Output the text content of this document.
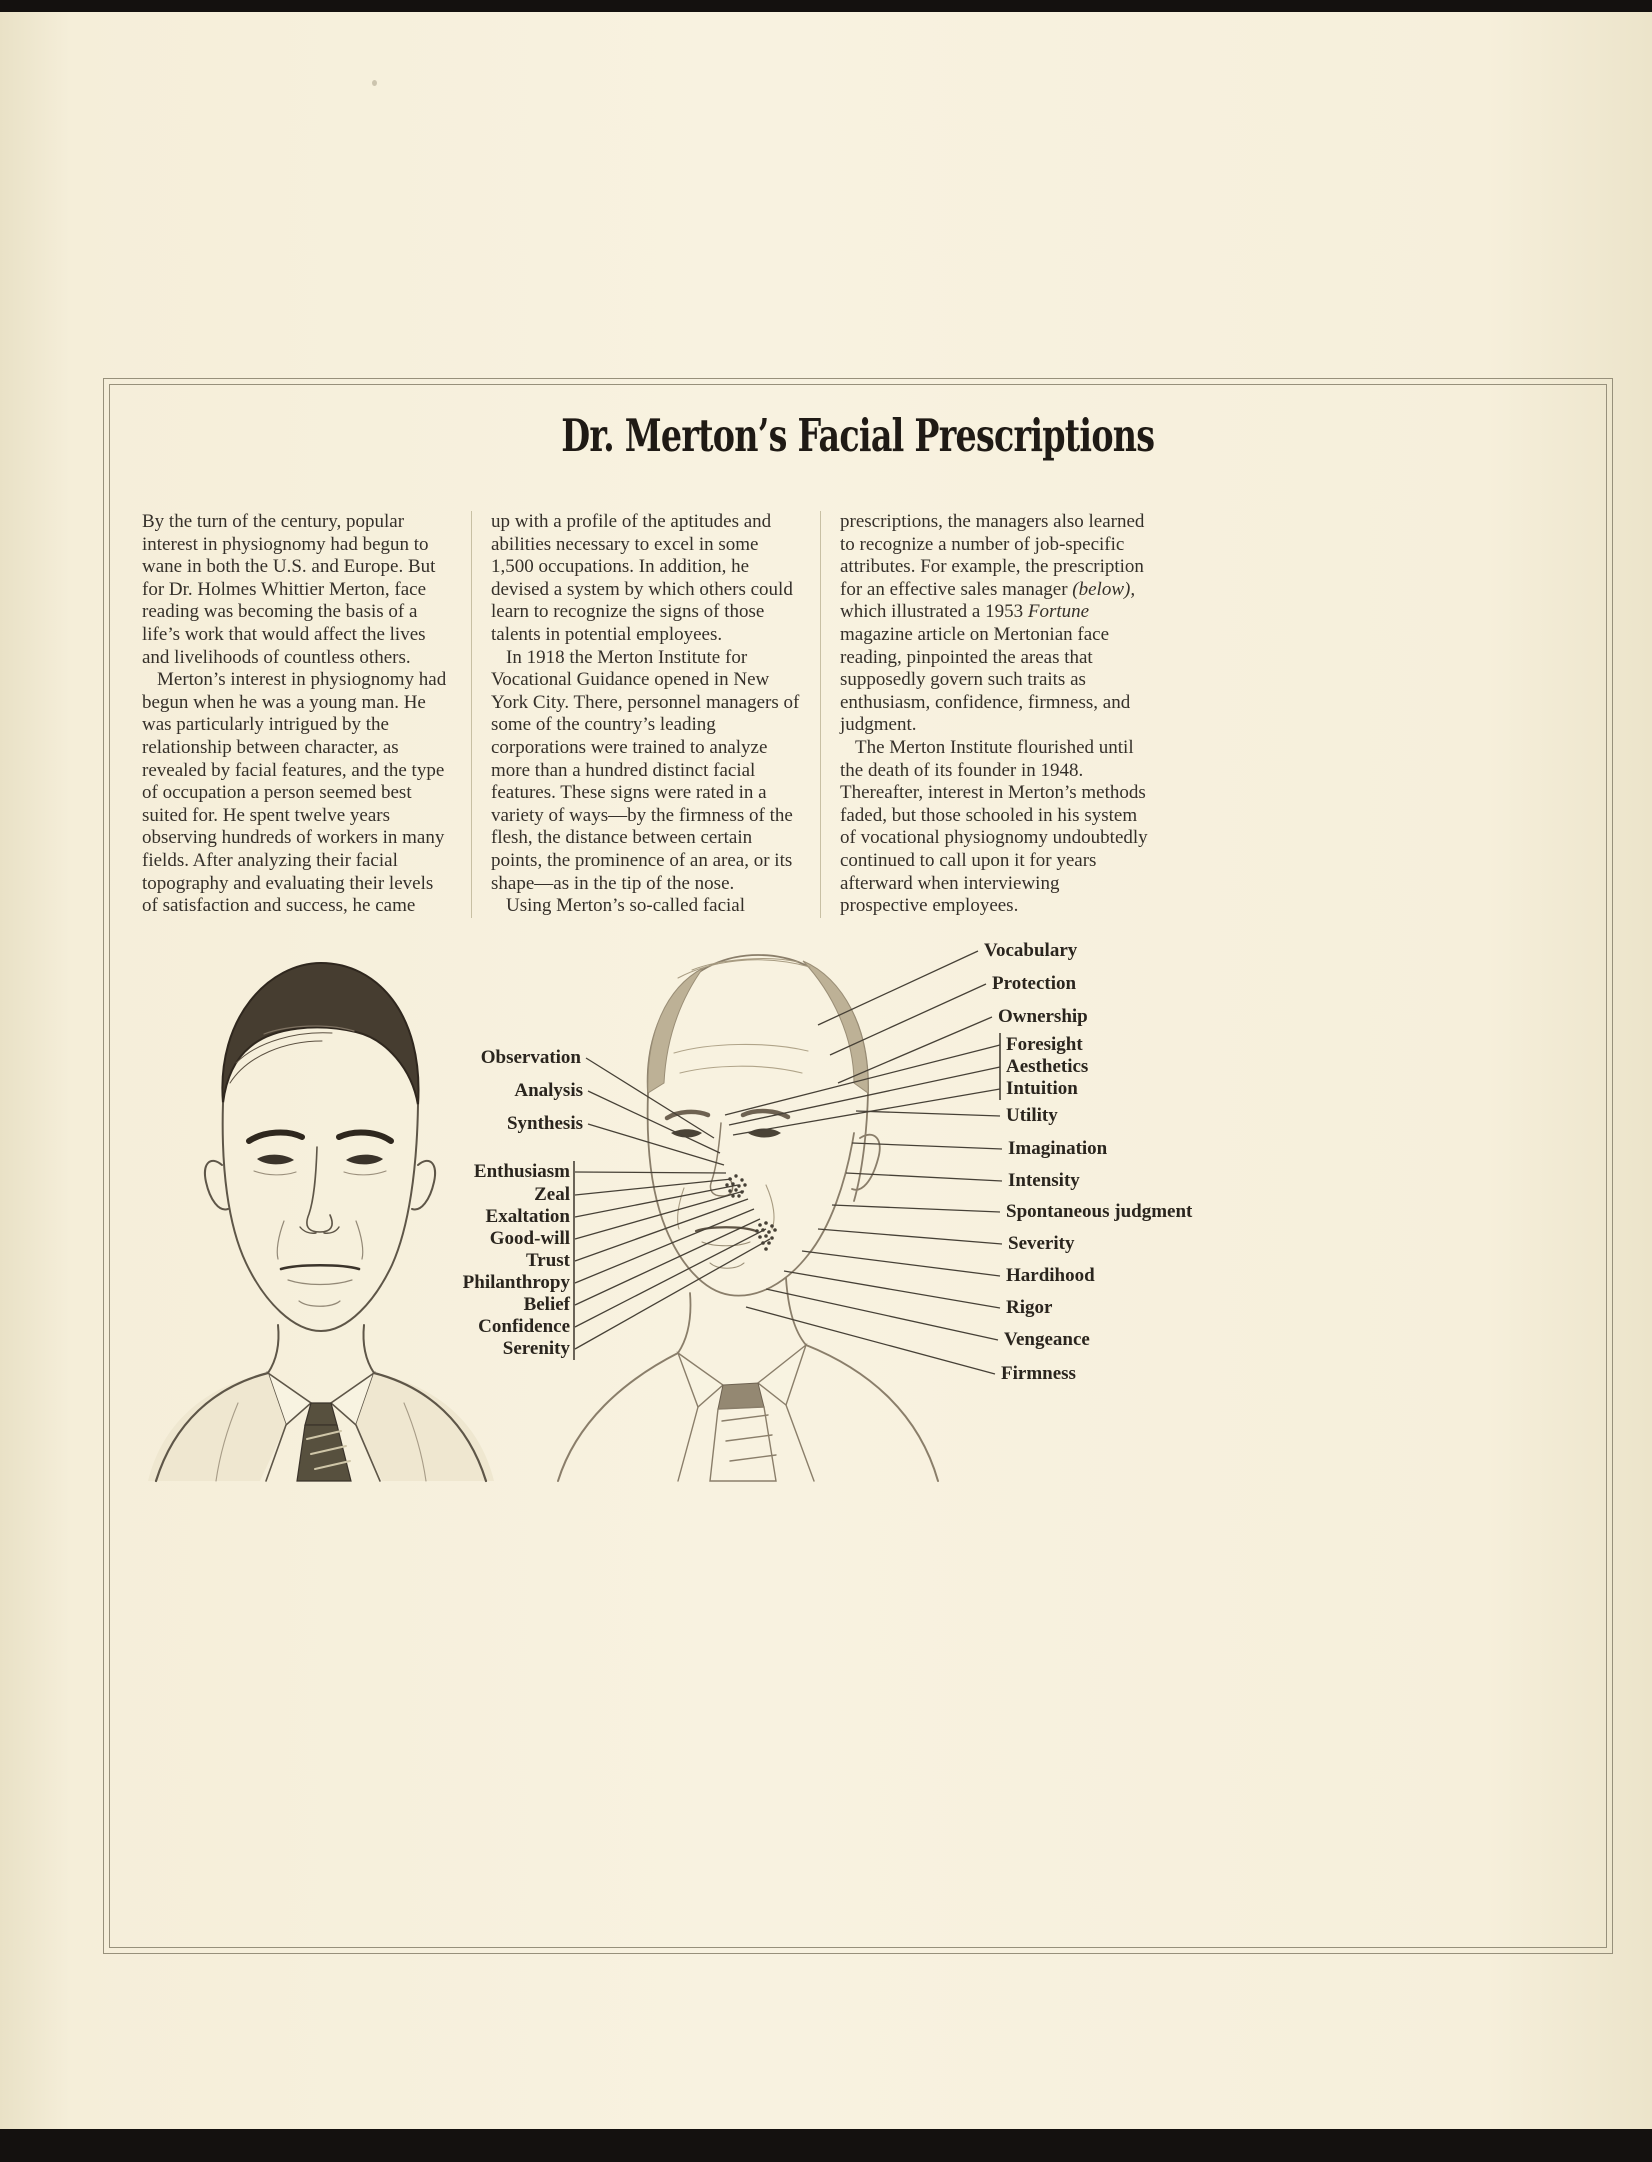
Dr. Merton’s Facial Prescriptions

By the turn of the century, popular interest in physiognomy had begun to wane in both the U.S. and Europe. But for Dr. Holmes Whittier Merton, face reading was becoming the basis of a life’s work that would affect the lives and livelihoods of countless others.

Merton’s interest in physiognomy had begun when he was a young man. He was particularly intrigued by the relationship between character, as revealed by facial features, and the type of occupation a person seemed best suited for. He spent twelve years observing hundreds of workers in many fields. After analyzing their facial topography and evaluating their levels of satisfaction and success, he came

up with a profile of the aptitudes and abilities necessary to excel in some 1,500 occupations. In addition, he devised a system by which others could learn to recognize the signs of those talents in potential employees.

In 1918 the Merton Institute for Vocational Guidance opened in New York City. There, personnel managers of some of the country’s leading corporations were trained to analyze more than a hundred distinct facial features. These signs were rated in a variety of ways—by the firmness of the flesh, the distance between certain points, the prominence of an area, or its shape—as in the tip of the nose.

Using Merton’s so-called facial

prescriptions, the managers also learned to recognize a number of job-specific attributes. For example, the prescription for an effective sales manager (below), which illustrated a 1953 Fortune magazine article on Mertonian face reading, pinpointed the areas that supposedly govern such traits as enthusiasm, confidence, firmness, and judgment.

The Merton Institute flourished until the death of its founder in 1948. Thereafter, interest in Merton’s methods faded, but those schooled in his system of vocational physiognomy undoubtedly continued to call upon it for years afterward when interviewing prospective employees.

Observation
Analysis
Synthesis
Enthusiasm
Zeal
Exaltation
Good-will
Trust
Philanthropy
Belief
Confidence
Serenity
Vocabulary
Protection
Ownership
Foresight
Aesthetics
Intuition
Utility
Imagination
Intensity
Spontaneous judgment
Severity
Hardihood
Rigor
Vengeance
Firmness
